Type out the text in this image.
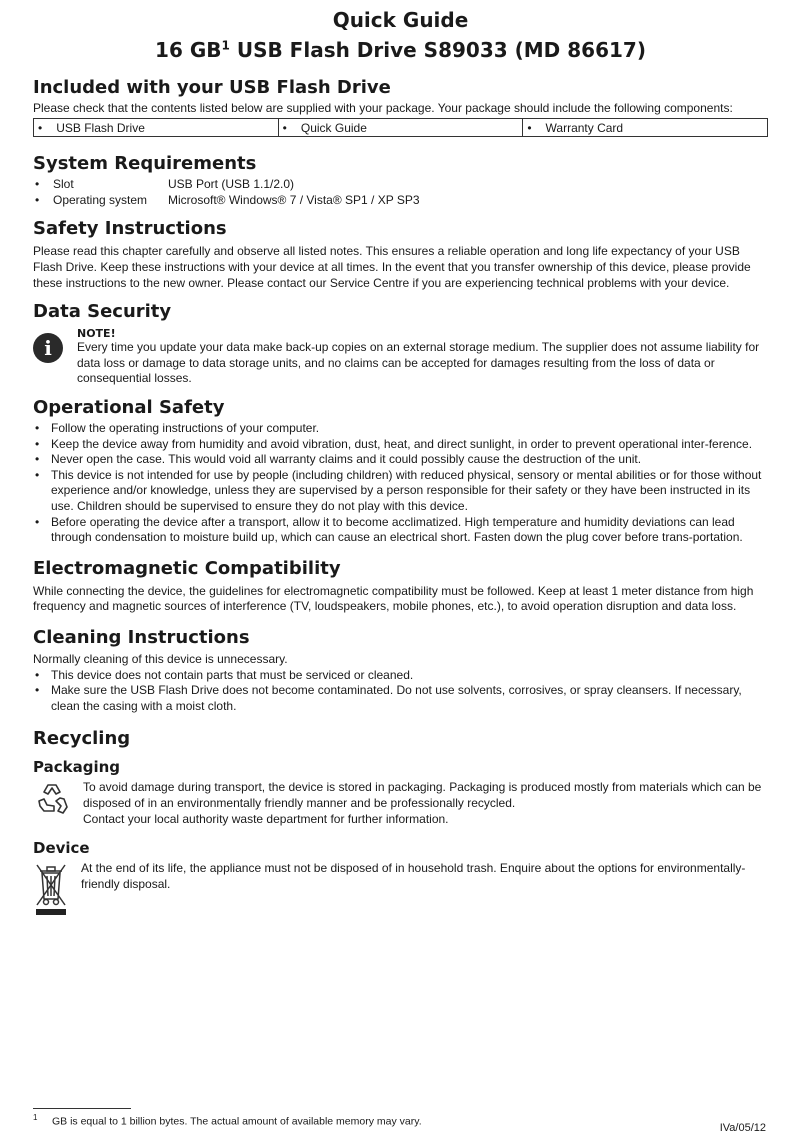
Quick Guide
16 $GB^1$ USB Flash Drive S89033 (MD 86617)
Included with your USB Flash Drive

Please check that the contents listed below are supplied with your package. Your package should include the following components:

• USB Flash Drive	• Quick Guide	• Warranty Card
System Requirements
• Slot	USB Port (USB 1.1/2.0)
• Operating system	Microsoft® Windows® 7 / Vista® SP1 / XP SP3
Safety Instructions

Please read this chapter carefully and observe all listed notes. This ensures a reliable operation and long life expectancy of your USB Flash Drive. Keep these instructions with your device at all times. In the event that you transfer ownership of this device, please provide these instructions to the new owner. Please contact our Service Centre if you are experiencing technical problems with your device.

Data Security
i
NOTE!

Every time you update your data make back-up copies on an external storage medium. The supplier does not assume liability for data loss or damage to data storage units, and no claims can be accepted for damages resulting from the loss of data or consequential losses.

Operational Safety
• Follow the operating instructions of your computer.
• Keep the device away from humidity and avoid vibration, dust, heat, and direct sunlight, in order to prevent operational inter-ference.
• Never open the case. This would void all warranty claims and it could possibly cause the destruction of the unit.
• This device is not intended for use by people (including children) with reduced physical, sensory or mental abilities or for those without experience and/or knowledge, unless they are supervised by a person responsible for their safety or they have been instructed in its use. Children should be supervised to ensure they do not play with this device.
• Before operating the device after a transport, allow it to become acclimatized. High temperature and humidity deviations can lead through condensation to moisture build up, which can cause an electrical short. Fasten down the plug cover before trans-portation.
Electromagnetic Compatibility

While connecting the device, the guidelines for electromagnetic compatibility must be followed. Keep at least 1 meter distance from high frequency and magnetic sources of interference (TV, loudspeakers, mobile phones, etc.), to avoid operation disruption and data loss.

Cleaning Instructions

Normally cleaning of this device is unnecessary.

• This device does not contain parts that must be serviced or cleaned.
• Make sure the USB Flash Drive does not become contaminated. Do not use solvents, corrosives, or spray cleansers. If necessary, clean the casing with a moist cloth.
Recycling
Packaging

To avoid damage during transport, the device is stored in packaging. Packaging is produced mostly from materials which can be disposed of in an environmentally friendly manner and be professionally recycled.

Contact your local authority waste department for further information.

Device

At the end of its life, the appliance must not be disposed of in household trash. Enquire about the options for environmentally-friendly disposal.

1 GB is equal to 1 billion bytes. The actual amount of available memory may vary.
IVa/05/12
